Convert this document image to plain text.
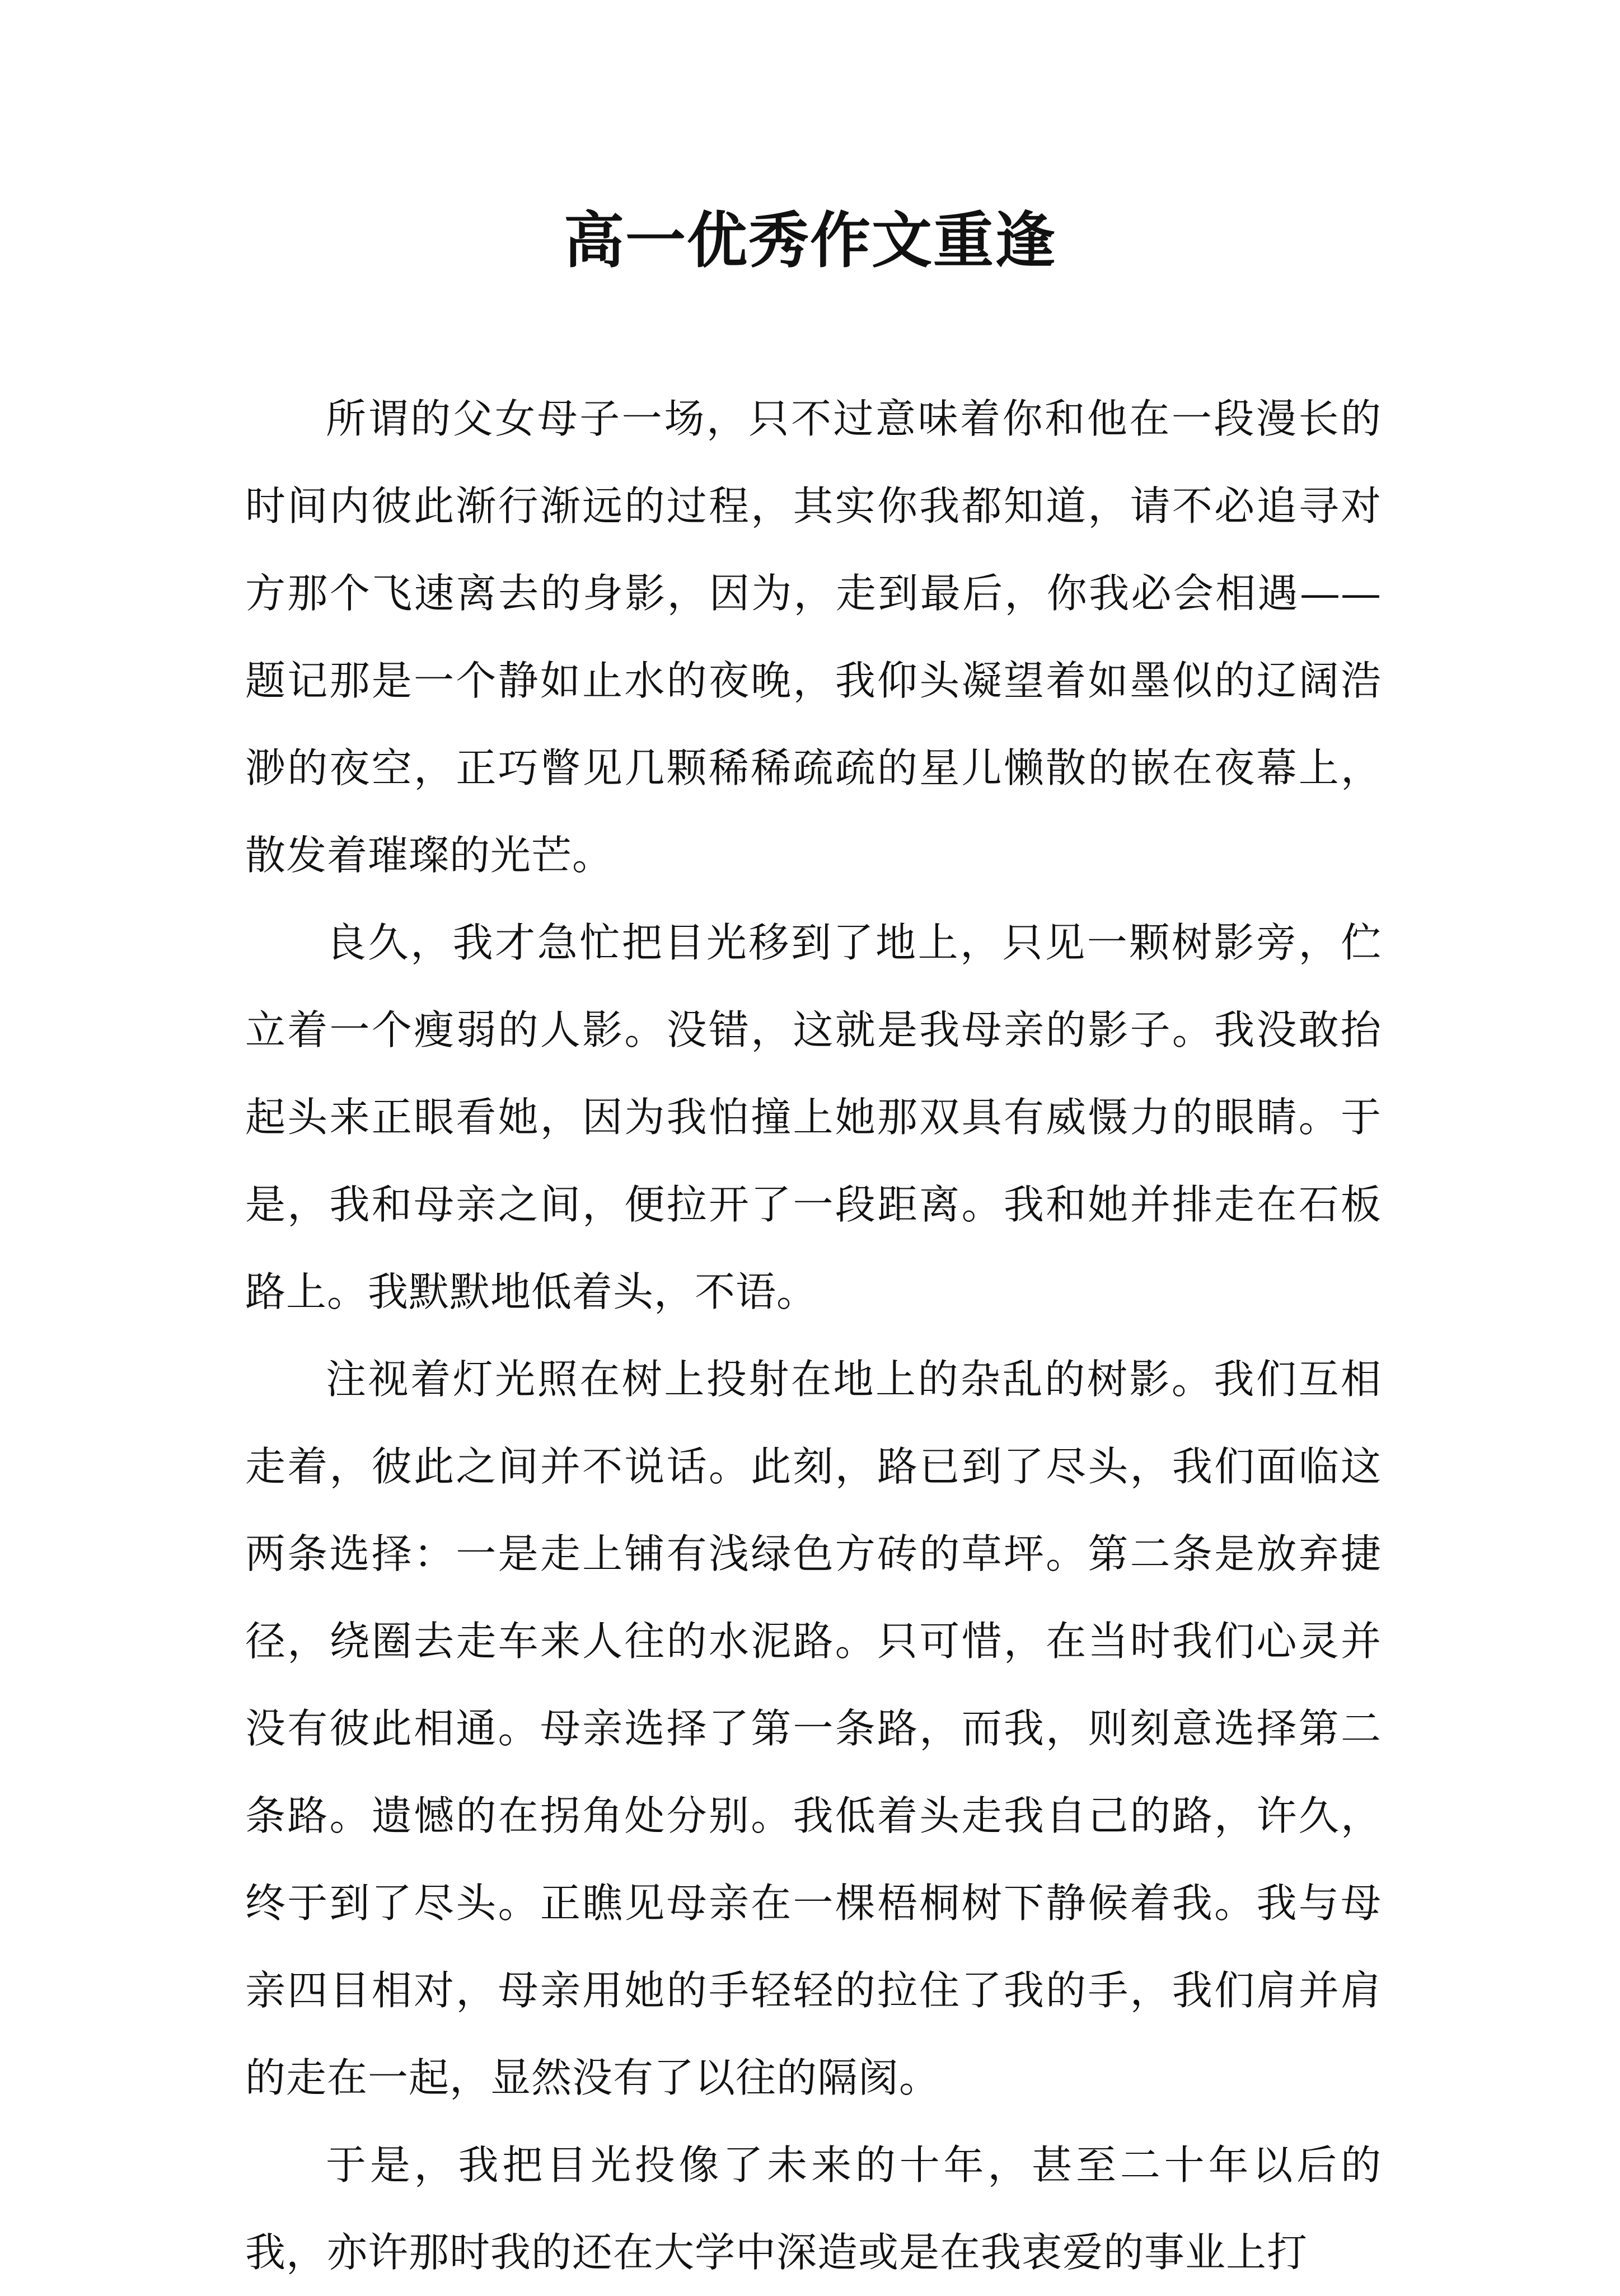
高一优秀作文重逢

所谓的父女母子一场，只不过意味着你和他在一段漫长的时间内彼此渐行渐远的过程，其实你我都知道，请不必追寻对方那个飞速离去的身影，因为，走到最后，你我必会相遇——题记那是一个静如止水的夜晚，我仰头凝望着如墨似的辽阔浩渺的夜空，正巧瞥见几颗稀稀疏疏的星儿懒散的嵌在夜幕上，散发着璀璨的光芒。

良久，我才急忙把目光移到了地上，只见一颗树影旁，伫立着一个瘦弱的人影。没错，这就是我母亲的影子。我没敢抬起头来正眼看她，因为我怕撞上她那双具有威慑力的眼睛。于是，我和母亲之间，便拉开了一段距离。我和她并排走在石板路上。我默默地低着头，不语。

注视着灯光照在树上投射在地上的杂乱的树影。我们互相走着，彼此之间并不说话。此刻，路已到了尽头，我们面临这两条选择：一是走上铺有浅绿色方砖的草坪。第二条是放弃捷径，绕圈去走车来人往的水泥路。只可惜，在当时我们心灵并没有彼此相通。母亲选择了第一条路，而我，则刻意选择第二条路。遗憾的在拐角处分别。我低着头走我自己的路，许久，终于到了尽头。正瞧见母亲在一棵梧桐树下静候着我。我与母亲四目相对，母亲用她的手轻轻的拉住了我的手，我们肩并肩的走在一起，显然没有了以往的隔阂。

于是，我把目光投像了未来的十年，甚至二十年以后的我，亦许那时我的还在大学中深造或是在我衷爱的事业上打
